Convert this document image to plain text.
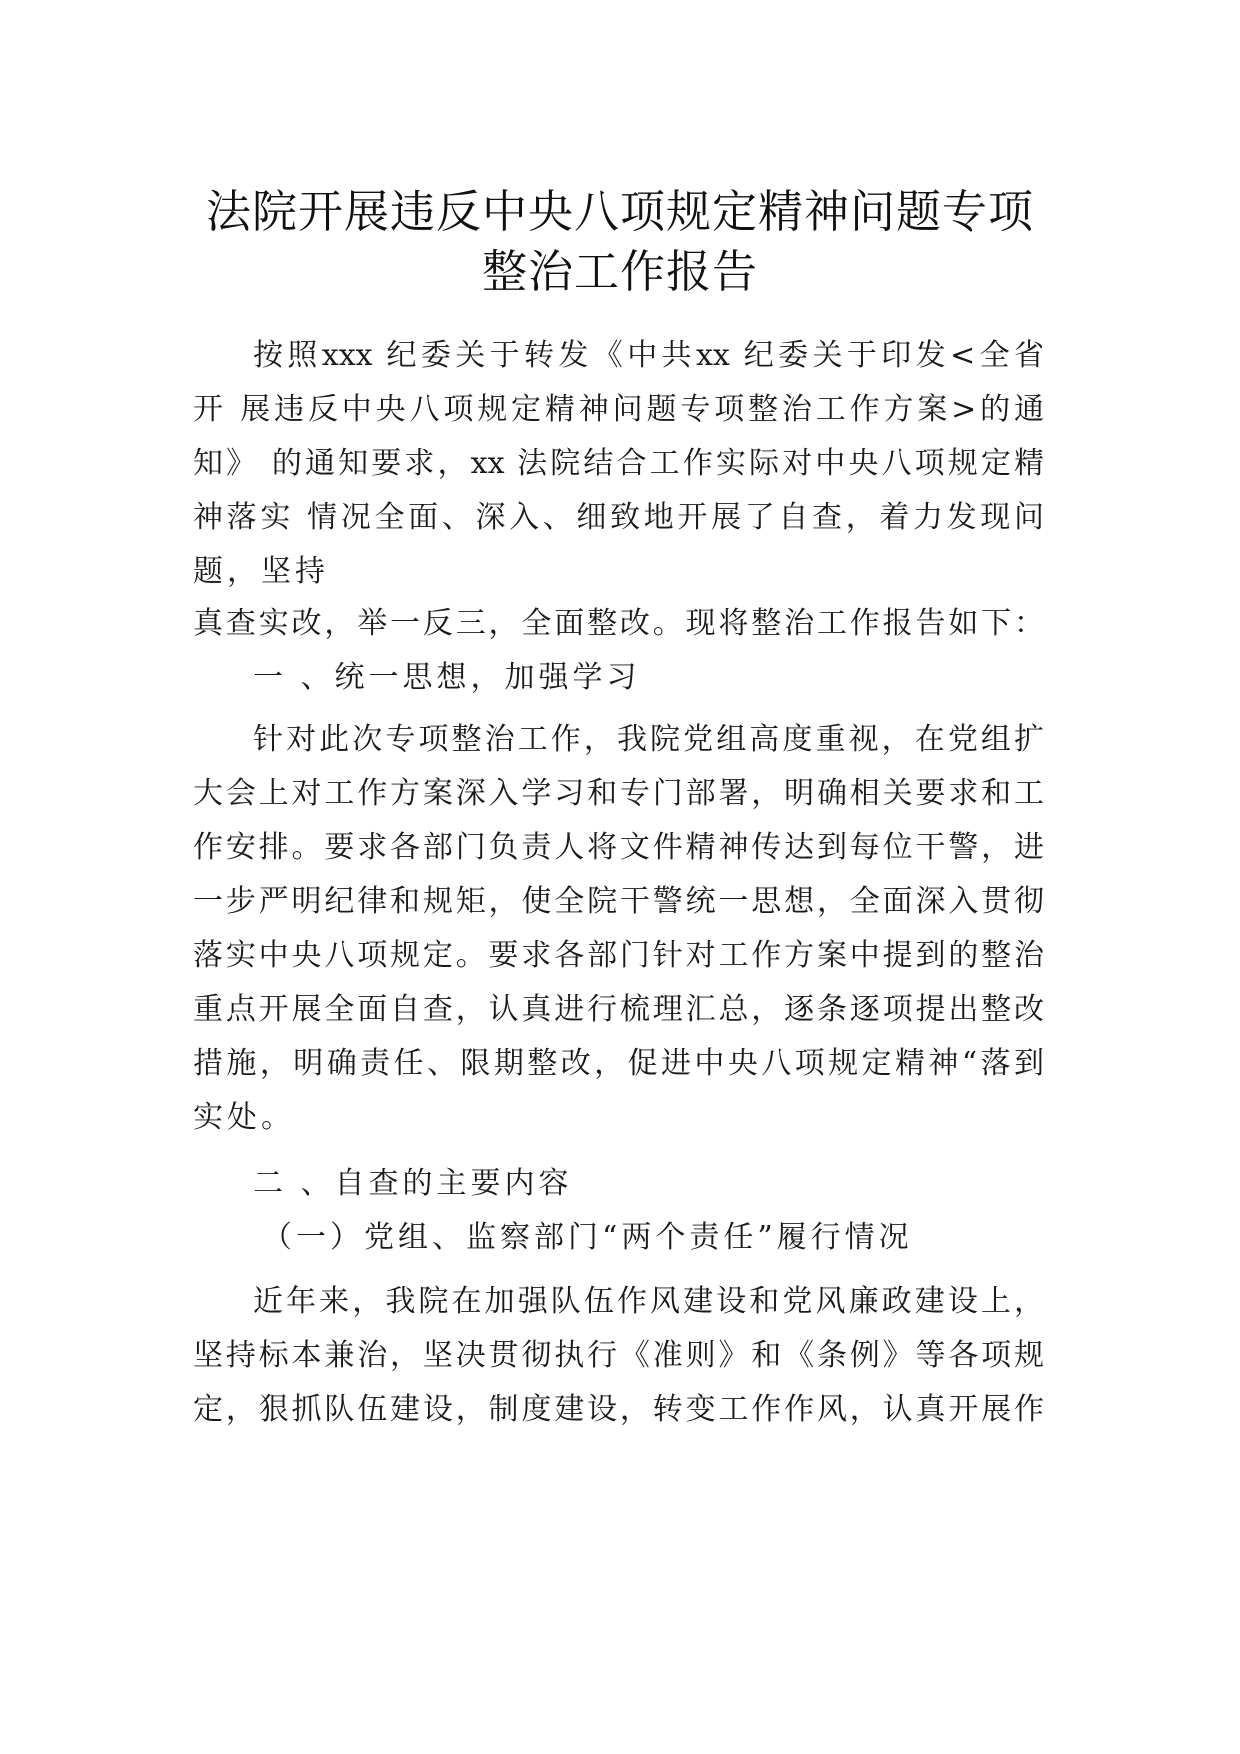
法院开展违反中央八项规定精神问题专项
整治工作报告
按照xxx 纪委关于转发《中共xx 纪委关于印发<全省
开 展违反中央八项规定精神问题专项整治工作方案>的通
知》 的通知要求，xx 法院结合工作实际对中央八项规定精
神落实 情况全面、深入、细致地开展了自查，着力发现问
题，坚持
真查实改，举一反三，全面整改。现将整治工作报告如下：
一 、统一思想，加强学习
针对此次专项整治工作，我院党组高度重视，在党组扩
大会上对工作方案深入学习和专门部署，明确相关要求和工
作安排。要求各部门负责人将文件精神传达到每位干警，进
一步严明纪律和规矩，使全院干警统一思想，全面深入贯彻
落实中央八项规定。要求各部门针对工作方案中提到的整治
重点开展全面自查，认真进行梳理汇总，逐条逐项提出整改
措施，明确责任、限期整改，促进中央八项规定精神“落到
实处。
二 、自查的主要内容
（一）党组、监察部门“两个责任”履行情况
近年来，我院在加强队伍作风建设和党风廉政建设上，
坚持标本兼治，坚决贯彻执行《准则》和《条例》等各项规
定，狠抓队伍建设，制度建设，转变工作作风，认真开展作
